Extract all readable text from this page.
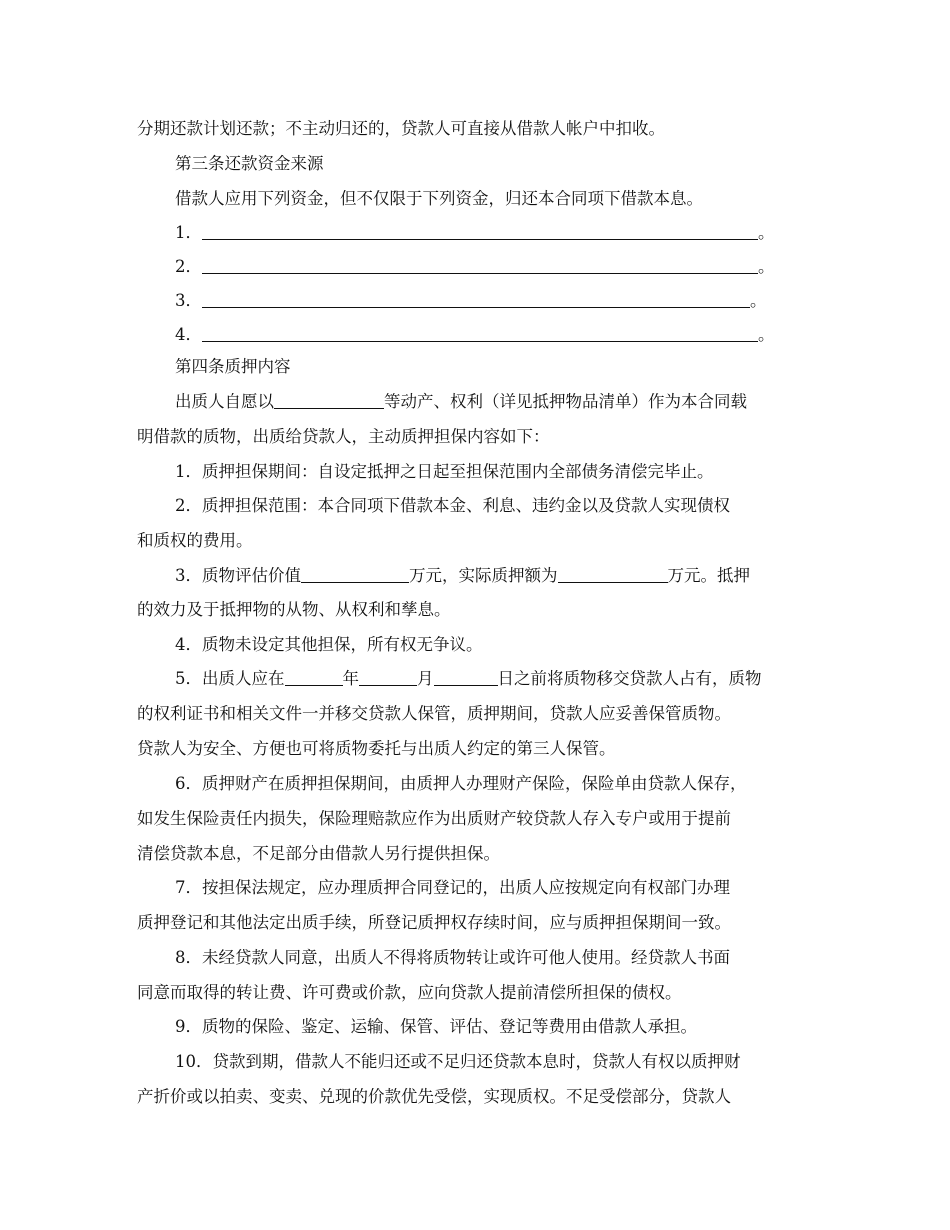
分期还款计划还款；不主动归还的，贷款人可直接从借款人帐户中扣收。
第三条还款资金来源
借款人应用下列资金，但不仅限于下列资金，归还本合同项下借款本息。
1．	。
2．	。
3．	。
4．	。
第四条质押内容
出质人自愿以	等动产、权利（详见抵押物品清单）作为本合同载
明借款的质物，出质给贷款人，主动质押担保内容如下：
1．质押担保期间：自设定抵押之日起至担保范围内全部债务清偿完毕止。
2．质押担保范围：本合同项下借款本金、利息、违约金以及贷款人实现债权
和质权的费用。
3．质物评估价值	万元，实际质押额为	万元。抵押
的效力及于抵押物的从物、从权利和孳息。
4．质物未设定其他担保，所有权无争议。
5．出质人应在	年	月	日之前将质物移交贷款人占有，质物
的权利证书和相关文件一并移交贷款人保管，质押期间，贷款人应妥善保管质物。
贷款人为安全、方便也可将质物委托与出质人约定的第三人保管。
6．质押财产在质押担保期间，由质押人办理财产保险，保险单由贷款人保存，
如发生保险责任内损失，保险理赔款应作为出质财产较贷款人存入专户或用于提前
清偿贷款本息，不足部分由借款人另行提供担保。
7．按担保法规定，应办理质押合同登记的，出质人应按规定向有权部门办理
质押登记和其他法定出质手续，所登记质押权存续时间，应与质押担保期间一致。
8．未经贷款人同意，出质人不得将质物转让或许可他人使用。经贷款人书面
同意而取得的转让费、许可费或价款，应向贷款人提前清偿所担保的债权。
9．质物的保险、鉴定、运输、保管、评估、登记等费用由借款人承担。
10．贷款到期，借款人不能归还或不足归还贷款本息时，贷款人有权以质押财
产折价或以拍卖、变卖、兑现的价款优先受偿，实现质权。不足受偿部分，贷款人
